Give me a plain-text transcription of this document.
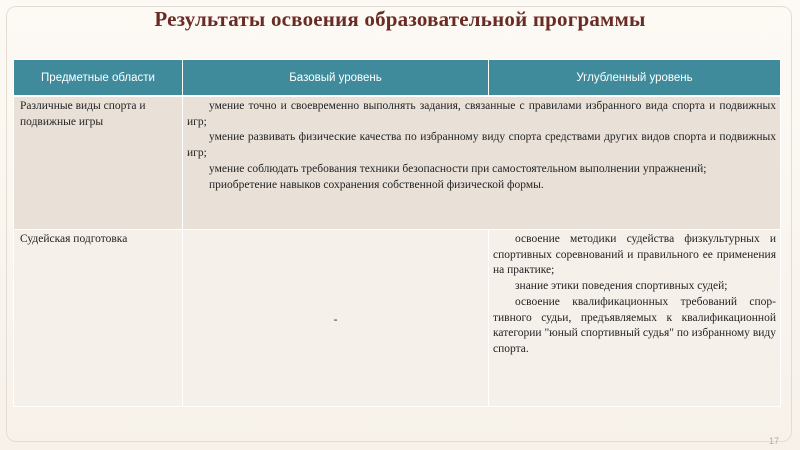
Результаты освоения образовательной программы
Предметные области	Базовый уровень	Углубленный уровень
Различные виды спорта и подвижные игры	умение точно и своевременно выполнять задания, связанные с правилами избранного вида спорта и подвижных игр;

умение развивать физические качества по избранному виду спорта средствами других видов спорта и подвижных игр;

умение соблюдать требования техники безопасности при самостоятельном выполнении упражнений;

приобретение навыков сохранения собственной физической формы.	

Судейская подготовка	-	освоение методики судейства физкультурных и спортивных соревнований и правильного ее применения на практике;

знание этики поведения спортивных судей;

освоение квалификационных требований спор-тивного судьи, предъявляемых к квалификационной категории "юный спортивный судья" по избранному виду спорта.

17
